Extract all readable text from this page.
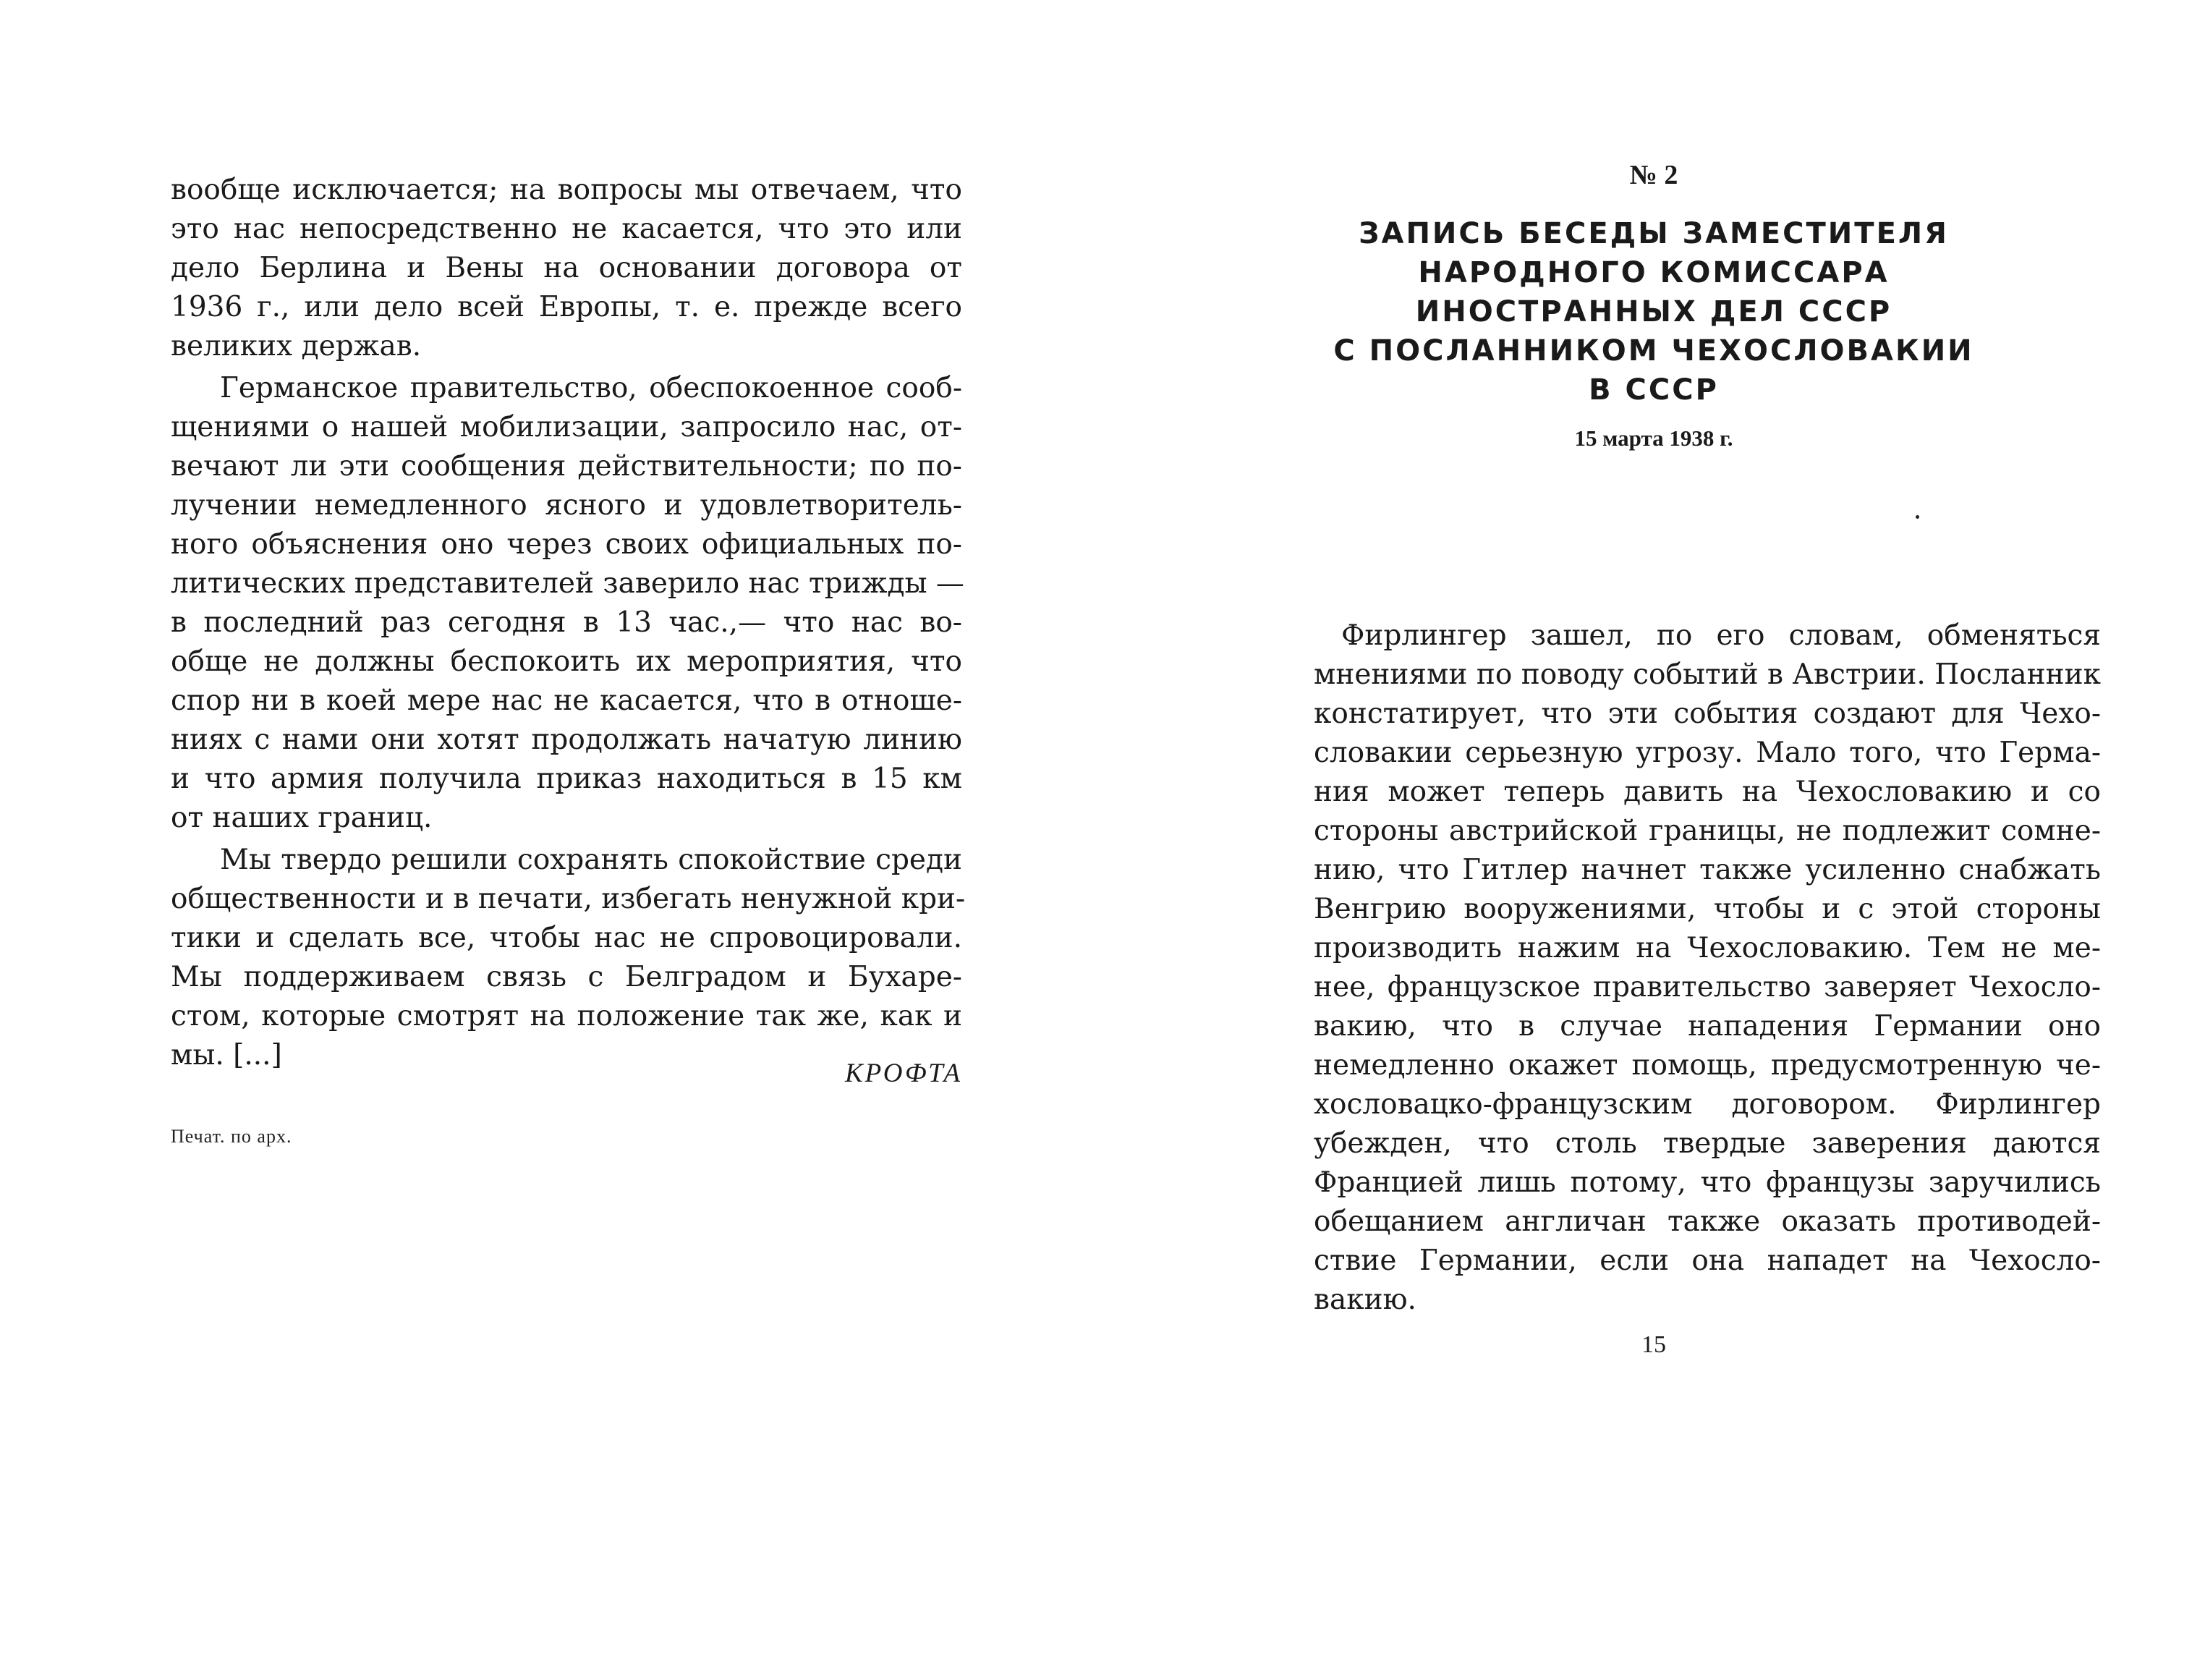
вообще исключается; на вопросы мы отвечаем, что
это нас непосредственно не касается, что это или
дело Берлина и Вены на основании договора от
1936 г., или дело всей Европы, т. е. прежде всего
великих держав.
Германское правительство, обеспокоенное сооб-
щениями о нашей мобилизации, запросило нас, от-
вечают ли эти сообщения действительности; по по-
лучении немедленного ясного и удовлетворитель-
ного объяснения оно через своих официальных по-
литических представителей заверило нас трижды —
в последний раз сегодня в 13 час.,— что нас во-
обще не должны беспокоить их мероприятия, что
спор ни в коей мере нас не касается, что в отноше-
ниях с нами они хотят продолжать начатую линию
и что армия получила приказ находиться в 15 км
от наших границ.
Мы твердо решили сохранять спокойствие среди
общественности и в печати, избегать ненужной кри-
тики и сделать все, чтобы нас не спровоцировали.
Мы поддерживаем связь с Белградом и Бухаре-
стом, которые смотрят на положение так же, как и
мы. [...]
КРОФТА
Печат. по арх.
№ 2
ЗАПИСЬ БЕСЕДЫ ЗАМЕСТИТЕЛЯ
НАРОДНОГО КОМИССАРА
ИНОСТРАННЫХ ДЕЛ СССР
С ПОСЛАННИКОМ ЧЕХОСЛОВАКИИ
В СССР
15 марта 1938 г.
Фирлингер зашел, по его словам, обменяться
мнениями по поводу событий в Австрии. Посланник
констатирует, что эти события создают для Чехо-
словакии серьезную угрозу. Мало того, что Герма-
ния может теперь давить на Чехословакию и со
стороны австрийской границы, не подлежит сомне-
нию, что Гитлер начнет также усиленно снабжать
Венгрию вооружениями, чтобы и с этой стороны
производить нажим на Чехословакию. Тем не ме-
нее, французское правительство заверяет Чехосло-
вакию, что в случае нападения Германии оно
немедленно окажет помощь, предусмотренную че-
хословацко-французским договором. Фирлингер
убежден, что столь твердые заверения даются
Францией лишь потому, что французы заручились
обещанием англичан также оказать противодей-
ствие Германии, если она нападет на Чехосло-
вакию.
15
